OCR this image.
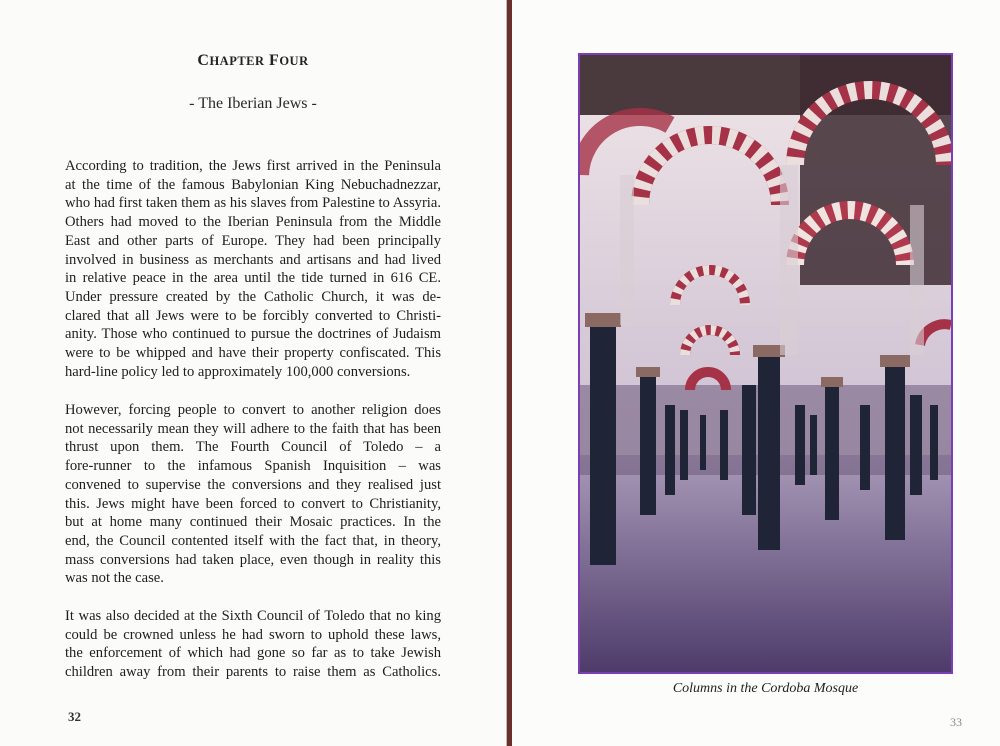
CHAPTER FOUR
- The Iberian Jews -
According to tradition, the Jews first arrived in the Peninsula
at the time of the famous Babylonian King Nebuchadnezzar,
who had first taken them as his slaves from Palestine to Assyria.
Others had moved to the Iberian Peninsula from the Middle
East and other parts of Europe. They had been principally
involved in business as merchants and artisans and had lived
in relative peace in the area until the tide turned in 616 CE.
Under pressure created by the Catholic Church, it was de-
clared that all Jews were to be forcibly converted to Christi-
anity. Those who continued to pursue the doctrines of Judaism
were to be whipped and have their property confiscated. This
hard-line policy led to approximately 100,000 conversions.
However, forcing people to convert to another religion does
not necessarily mean they will adhere to the faith that has been
thrust upon them. The Fourth Council of Toledo – a
fore-runner to the infamous Spanish Inquisition – was
convened to supervise the conversions and they realised just
this. Jews might have been forced to convert to Christianity,
but at home many continued their Mosaic practices. In the
end, the Council contented itself with the fact that, in theory,
mass conversions had taken place, even though in reality this
was not the case.
It was also decided at the Sixth Council of Toledo that no king
could be crowned unless he had sworn to uphold these laws,
the enforcement of which had gone so far as to take Jewish
children away from their parents to raise them as Catholics.
32
Columns in the Cordoba Mosque
33
